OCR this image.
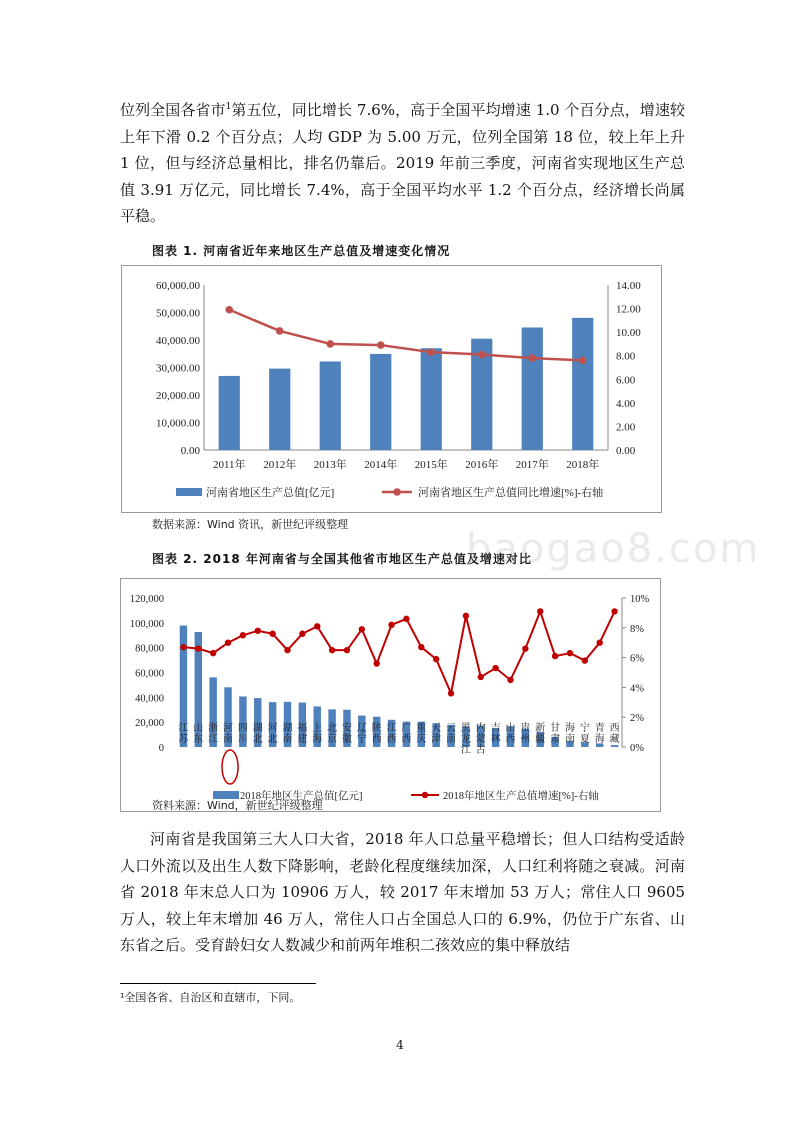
位列全国各省市$^1$第五位，同比增长 7.6%，高于全国平均增速 1.0 个百分点，增速较上年下滑 0.2 个百分点；人均 GDP 为 5.00 万元，位列全国第 18 位，较上年上升 1 位，但与经济总量相比，排名仍靠后。2019 年前三季度，河南省实现地区生产总值 3.91 万亿元，同比增长 7.4%，高于全国平均水平 1.2 个百分点，经济增长尚属平稳。

图表 1. 河南省近年来地区生产总值及增速变化情况

60,000.00
50,000.00
40,000.00
30,000.00
20,000.00
10,000.00
0.00
14.00
12.00
10.00
8.00
6.00
4.00
2.00
0.00
2011年 2012年 2013年 2014年 2015年 2016年 2017年 2018年
河南省地区生产总值[亿元]	河南省地区生产总值同比增速[%]-右轴

数据来源：Wind 资讯，新世纪评级整理

图表 2. 2018 年河南省与全国其他省市地区生产总值及增速对比

baogao8.com
120,000
100,000
80,000
60,000
40,000
20,000
0
10%
8%
6%
4%
2%
0%
江苏
山东
浙江
河南
四川
湖北
河北
湖南
福建
上海
北京
安徽
辽宁
陕西
江西
广西
重庆
天津
云南
黑龙江
内蒙古
吉林
山西
贵州
新疆
甘肃
海南
宁夏
青海
西藏
2018年地区生产总值[亿元]	2018年地区生产总值增速[%]-右轴

资料来源：Wind，新世纪评级整理

河南省是我国第三大人口大省，2018 年人口总量平稳增长；但人口结构受适龄人口外流以及出生人数下降影响，老龄化程度继续加深，人口红利将随之衰减。河南省 2018 年末总人口为 10906 万人，较 2017 年末增加 53 万人；常住人口 9605 万人，较上年末增加 46 万人，常住人口占全国总人口的 6.9%，仍位于广东省、山东省之后。受育龄妇女人数减少和前两年堆积二孩效应的集中释放结

¹全国各省、自治区和直辖市，下同。

4
